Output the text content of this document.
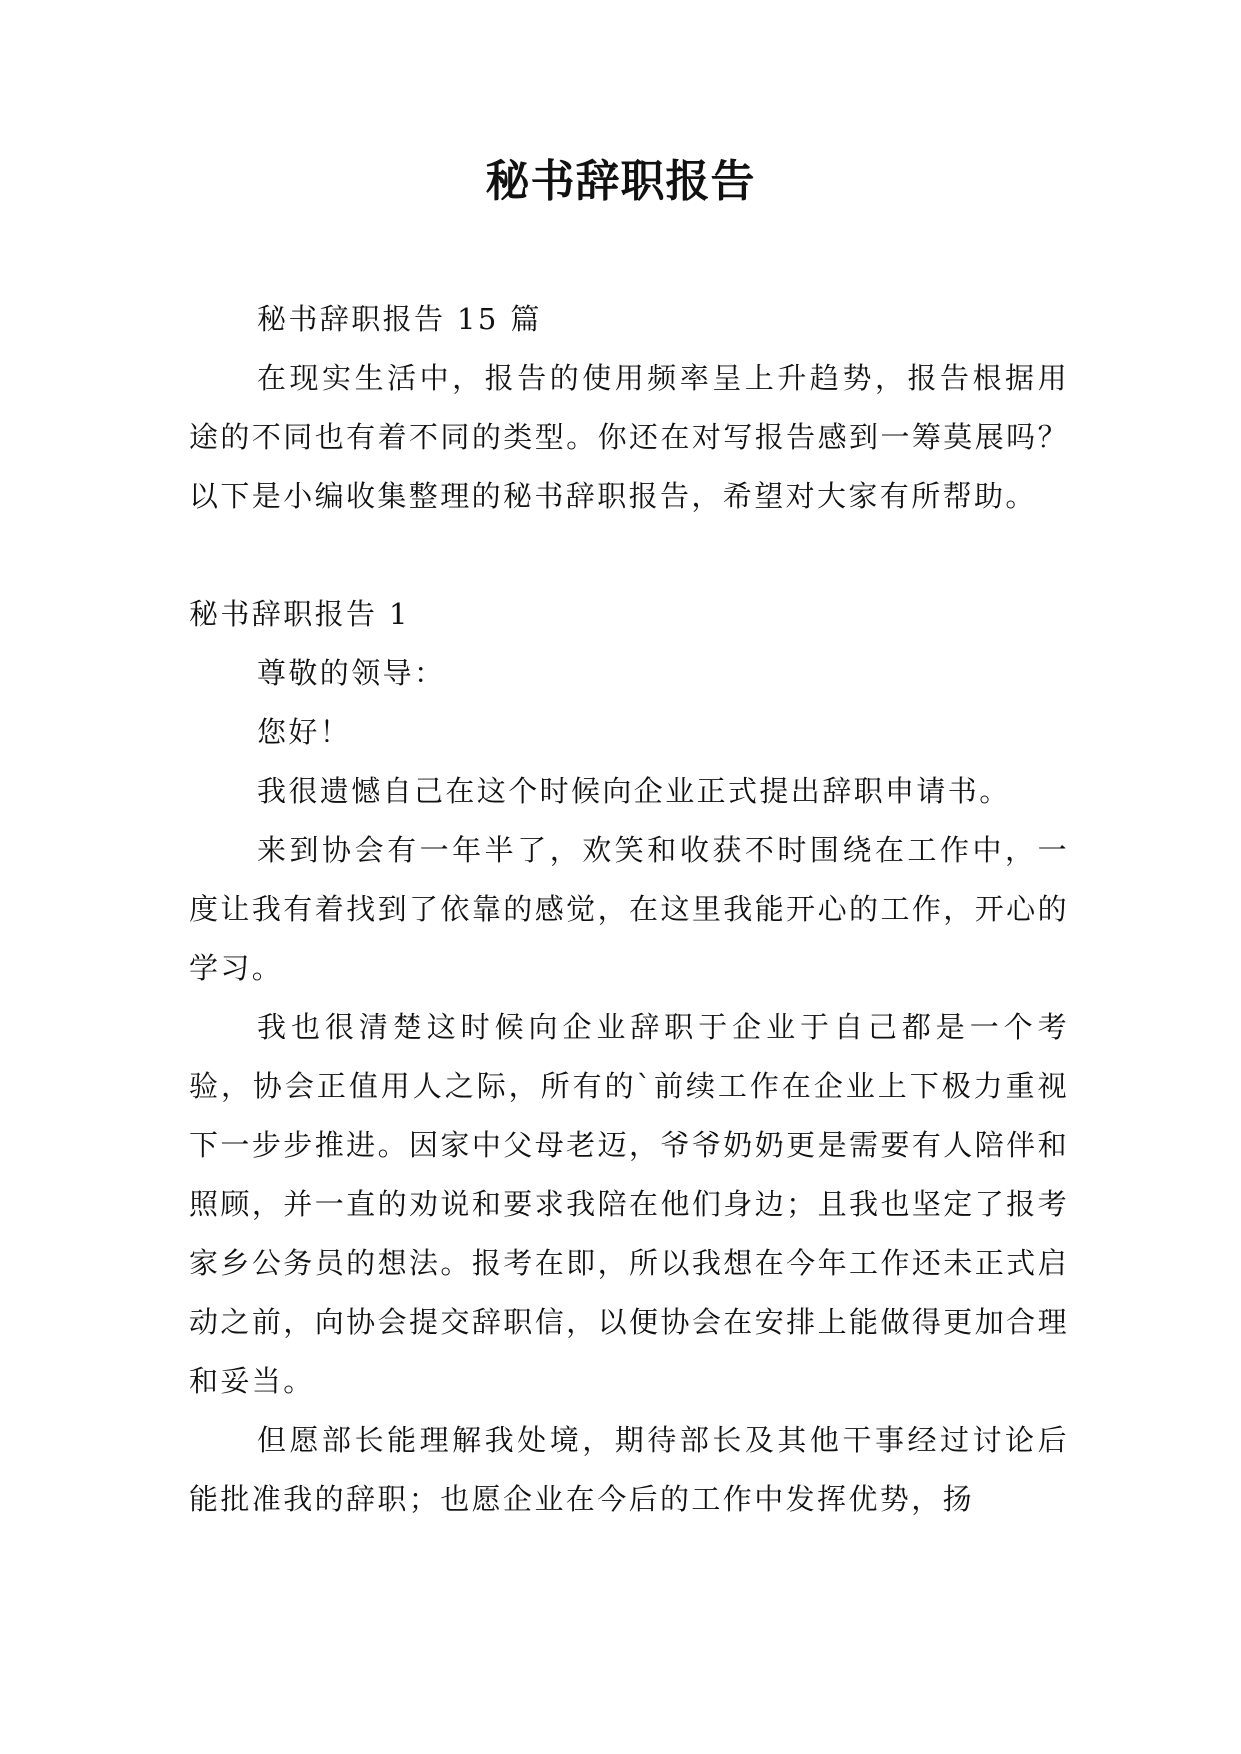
秘书辞职报告

秘书辞职报告 15 篇

在现实生活中，报告的使用频率呈上升趋势，报告根据用途的不同也有着不同的类型。你还在对写报告感到一筹莫展吗？以下是小编收集整理的秘书辞职报告，希望对大家有所帮助。

秘书辞职报告 1

尊敬的领导：

您好！

我很遗憾自己在这个时候向企业正式提出辞职申请书。

来到协会有一年半了，欢笑和收获不时围绕在工作中，一度让我有着找到了依靠的感觉，在这里我能开心的工作，开心的学习。

我也很清楚这时候向企业辞职于企业于自己都是一个考验，协会正值用人之际，所有的`前续工作在企业上下极力重视下一步步推进。因家中父母老迈，爷爷奶奶更是需要有人陪伴和照顾，并一直的劝说和要求我陪在他们身边；且我也坚定了报考家乡公务员的想法。报考在即，所以我想在今年工作还未正式启动之前，向协会提交辞职信，以便协会在安排上能做得更加合理和妥当。

但愿部长能理解我处境，期待部长及其他干事经过讨论后能批准我的辞职；也愿企业在今后的工作中发挥优势，扬
